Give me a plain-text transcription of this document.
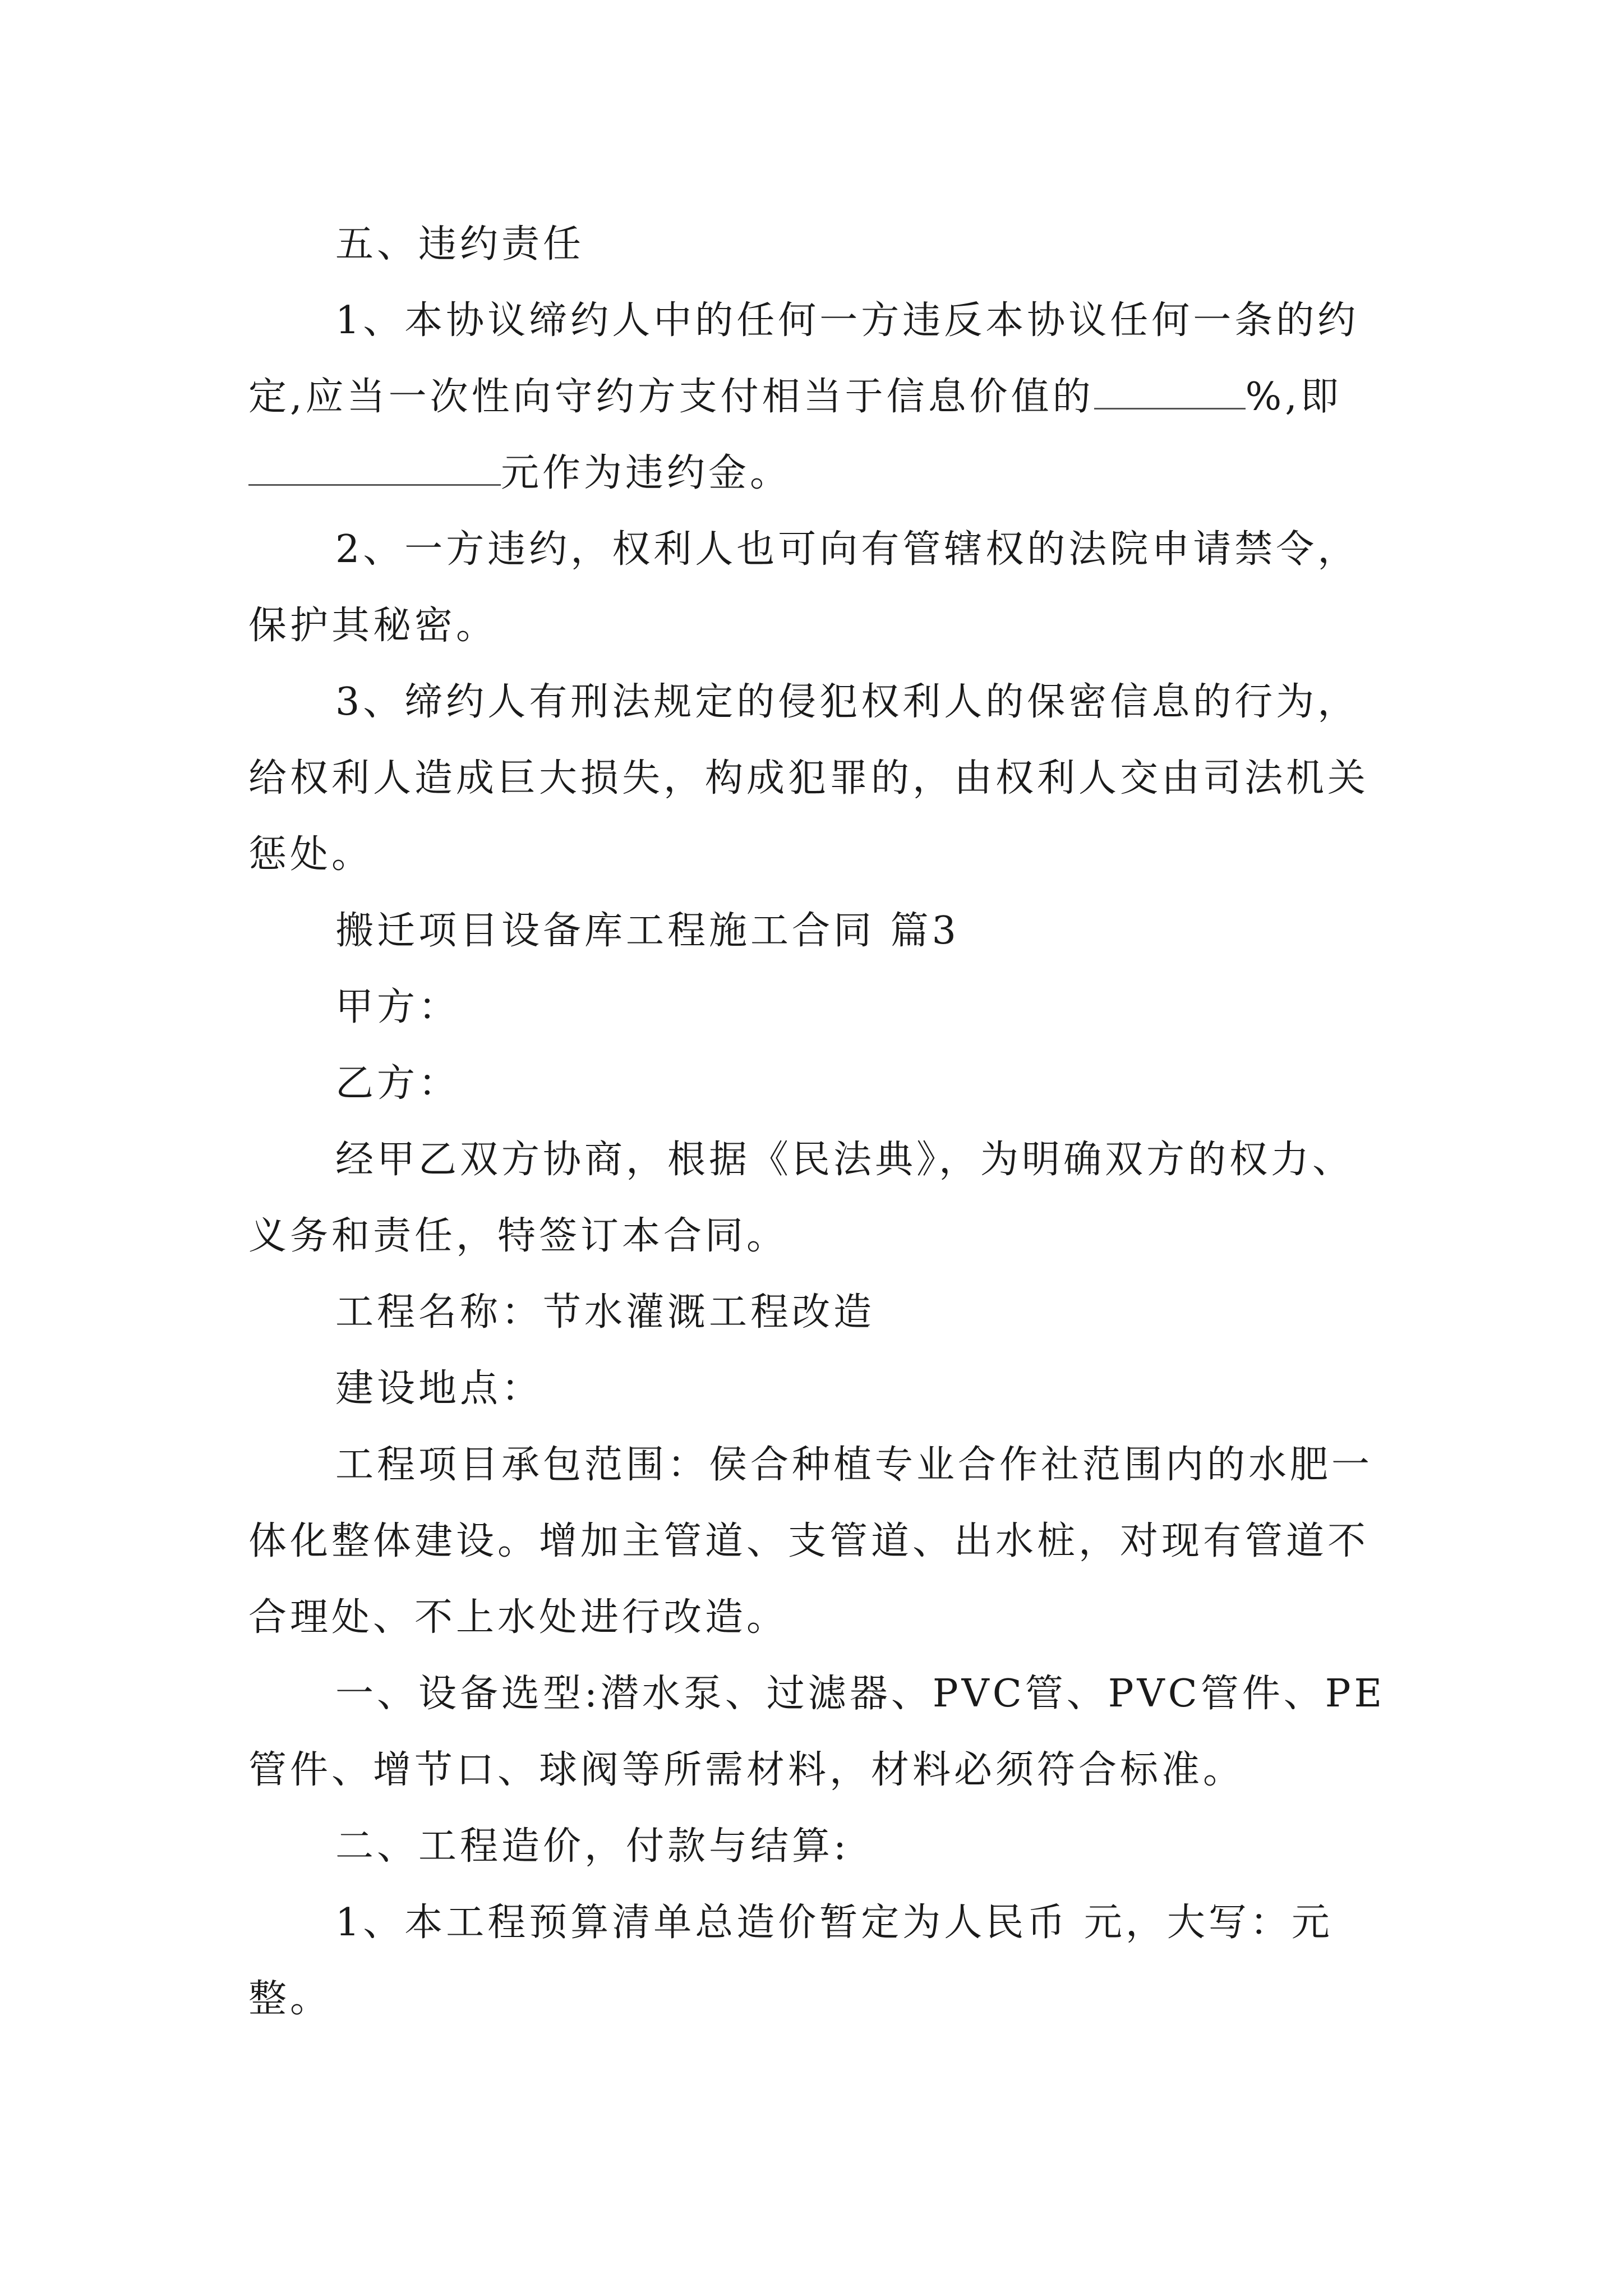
五、违约责任

1、本协议缔约人中的任何一方违反本协议任何一条的约定,应当一次性向守约方支付相当于信息价值的	%,即元作为违约金。

2、一方违约，权利人也可向有管辖权的法院申请禁令，保护其秘密。

3、缔约人有刑法规定的侵犯权利人的保密信息的行为，给权利人造成巨大损失，构成犯罪的，由权利人交由司法机关惩处。

搬迁项目设备库工程施工合同 篇3

甲方：

乙方：

经甲乙双方协商，根据《民法典》，为明确双方的权力、义务和责任，特签订本合同。

工程名称：节水灌溉工程改造

建设地点：

工程项目承包范围：侯合种植专业合作社范围内的水肥一体化整体建设。增加主管道、支管道、出水桩，对现有管道不合理处、不上水处进行改造。

一、设备选型:潜水泵、过滤器、PVC管、PVC管件、PE管件、增节口、球阀等所需材料，材料必须符合标准。

二、工程造价，付款与结算:

1、本工程预算清单总造价暂定为人民币 元，大写：元整。
